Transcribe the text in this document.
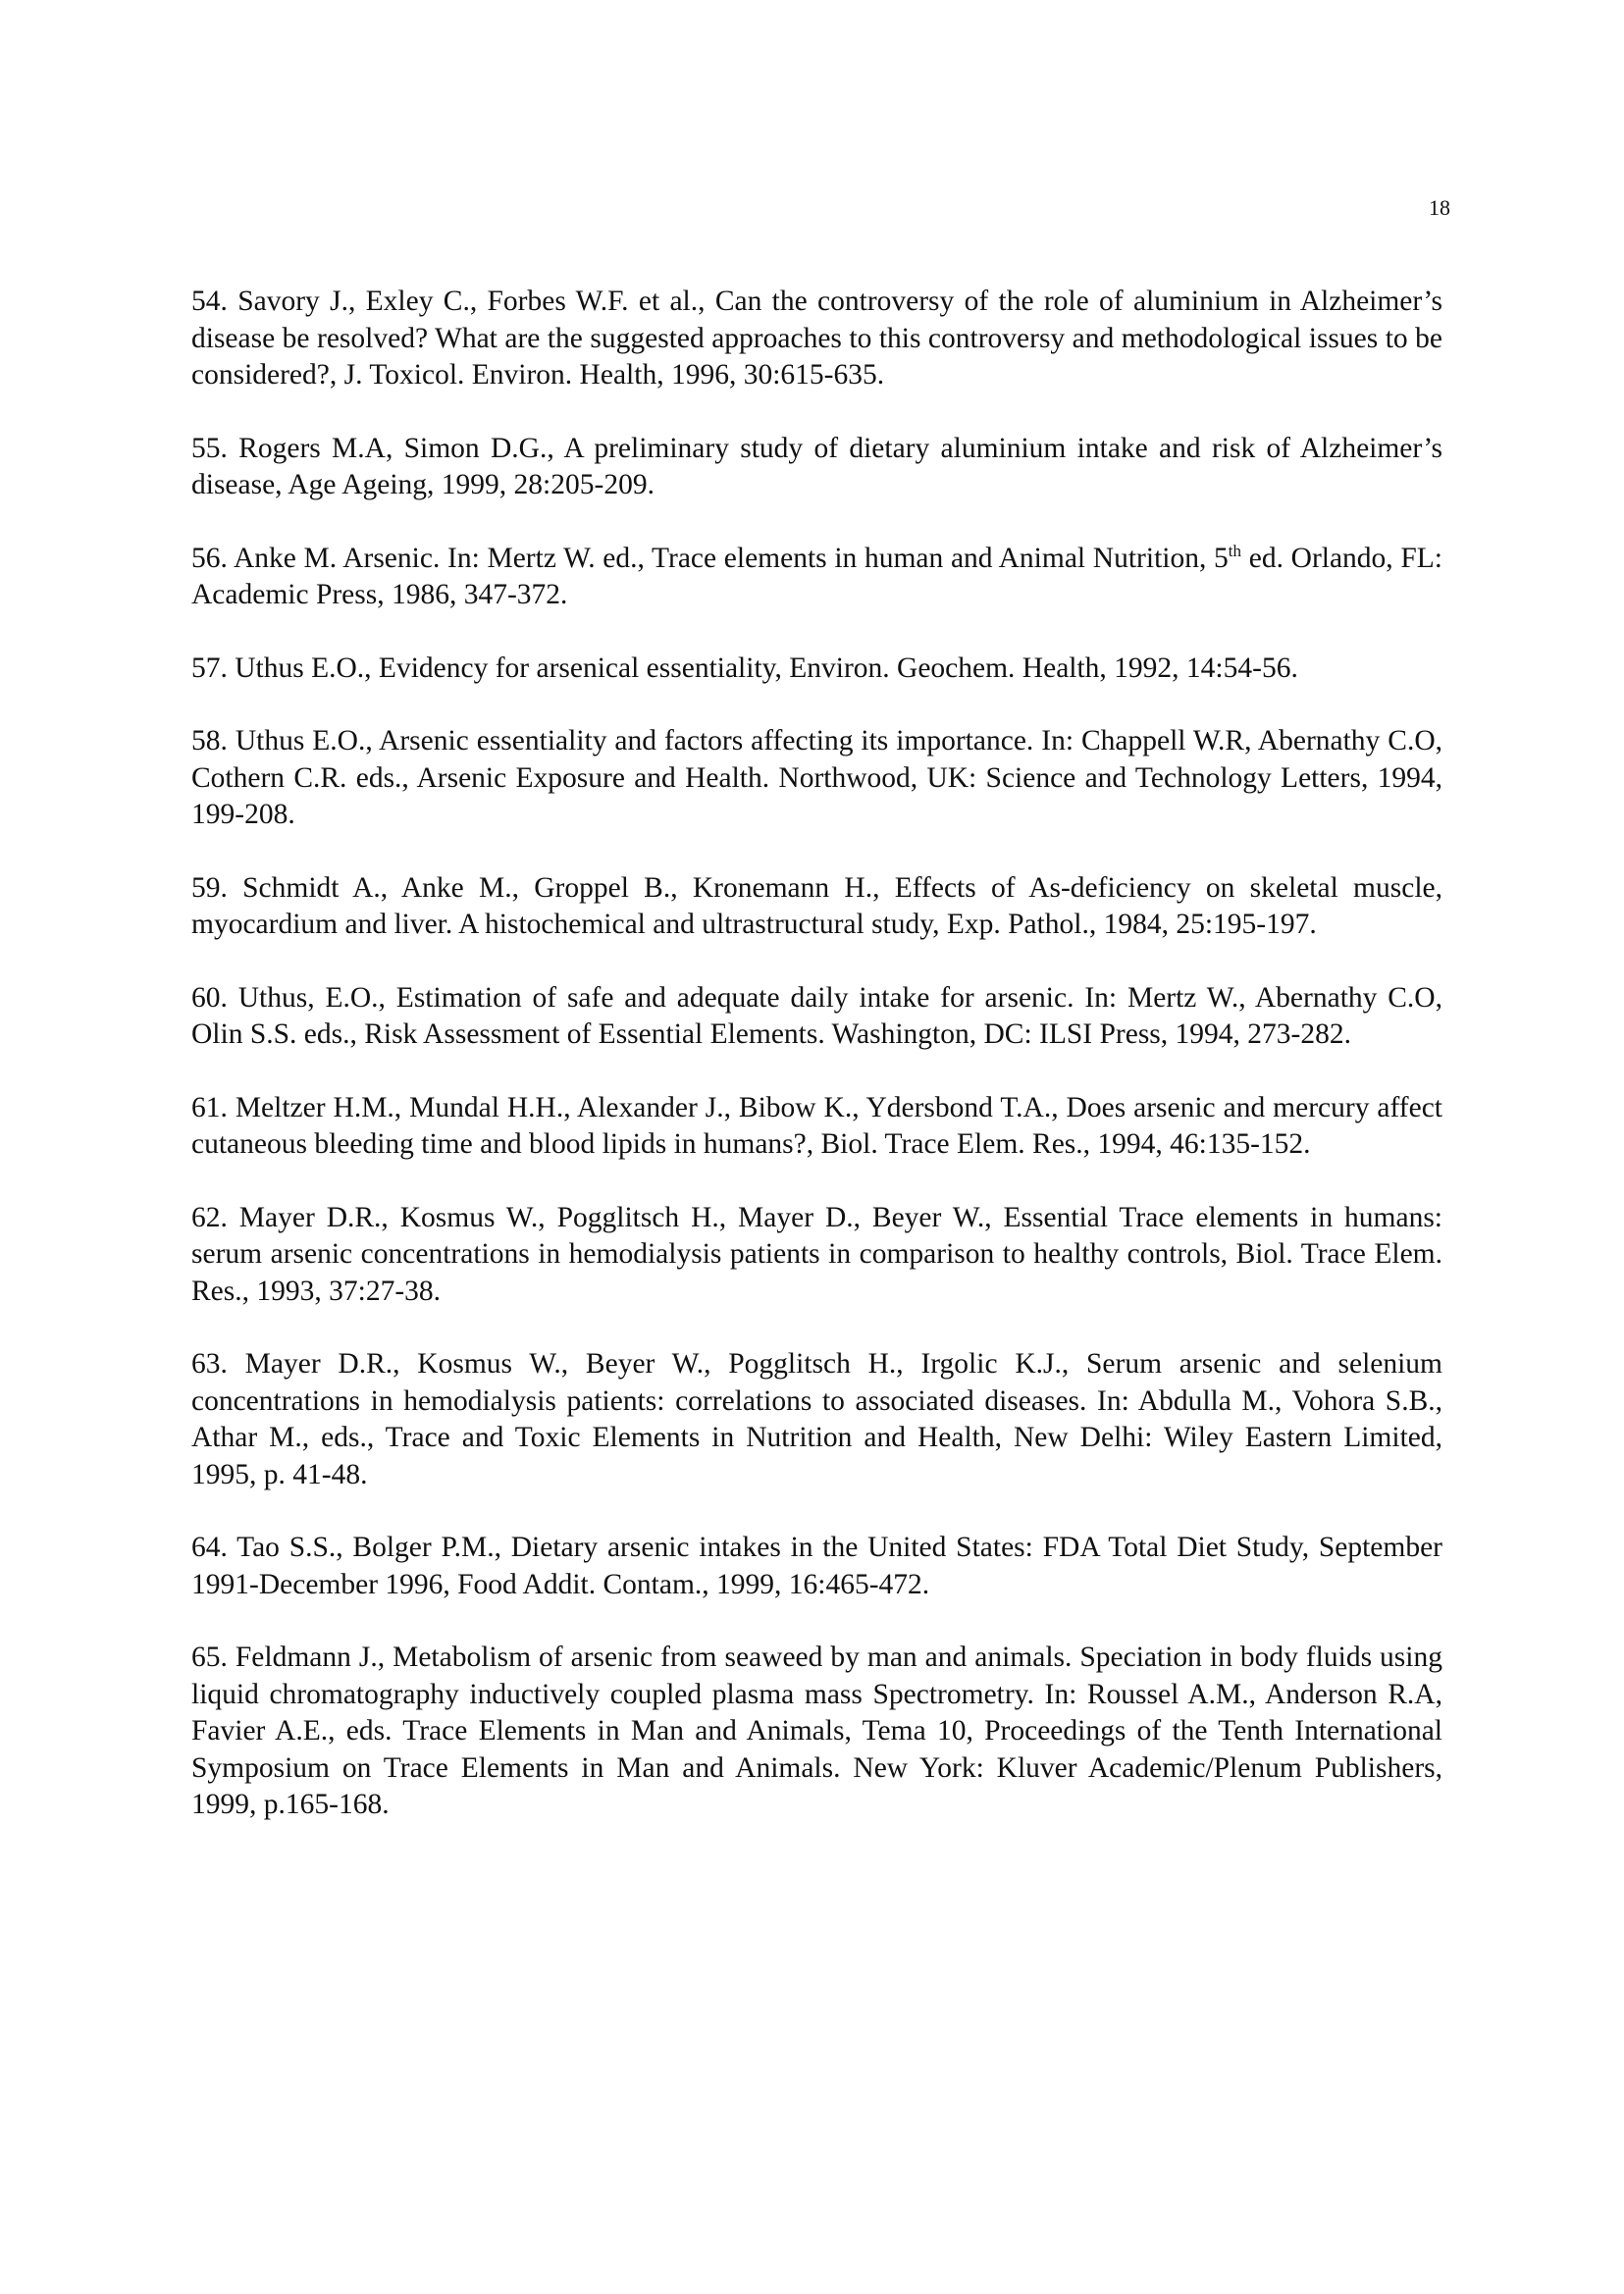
18

54. Savory J., Exley C., Forbes W.F. et al., Can the controversy of the role of aluminium in Alzheimer’s disease be resolved? What are the suggested approaches to this controversy and methodological issues to be considered?, J. Toxicol. Environ. Health, 1996, 30:615-635.

55. Rogers M.A, Simon D.G., A preliminary study of dietary aluminium intake and risk of Alzheimer’s disease, Age Ageing, 1999, 28:205-209.

56. Anke M. Arsenic. In: Mertz W. ed., Trace elements in human and Animal Nutrition, 5th ed. Orlando, FL: Academic Press, 1986, 347-372.

57. Uthus E.O., Evidency for arsenical essentiality, Environ. Geochem. Health, 1992, 14:54-56.

58. Uthus E.O., Arsenic essentiality and factors affecting its importance. In: Chappell W.R, Abernathy C.O, Cothern C.R. eds., Arsenic Exposure and Health. Northwood, UK: Science and Technology Letters, 1994, 199-208.

59. Schmidt A., Anke M., Groppel B., Kronemann H., Effects of As-deficiency on skeletal muscle, myocardium and liver. A histochemical and ultrastructural study, Exp. Pathol., 1984, 25:195-197.

60. Uthus, E.O., Estimation of safe and adequate daily intake for arsenic. In: Mertz W., Abernathy C.O, Olin S.S. eds., Risk Assessment of Essential Elements. Washington, DC: ILSI Press, 1994, 273-282.

61. Meltzer H.M., Mundal H.H., Alexander J., Bibow K., Ydersbond T.A., Does arsenic and mercury affect cutaneous bleeding time and blood lipids in humans?, Biol. Trace Elem. Res., 1994, 46:135-152.

62. Mayer D.R., Kosmus W., Pogglitsch H., Mayer D., Beyer W., Essential Trace elements in humans: serum arsenic concentrations in hemodialysis patients in comparison to healthy controls, Biol. Trace Elem. Res., 1993, 37:27-38.

63. Mayer D.R., Kosmus W., Beyer W., Pogglitsch H., Irgolic K.J., Serum arsenic and selenium concentrations in hemodialysis patients: correlations to associated diseases. In: Abdulla M., Vohora S.B., Athar M., eds., Trace and Toxic Elements in Nutrition and Health, New Delhi: Wiley Eastern Limited, 1995, p. 41-48.

64. Tao S.S., Bolger P.M., Dietary arsenic intakes in the United States: FDA Total Diet Study, September 1991-December 1996, Food Addit. Contam., 1999, 16:465-472.

65. Feldmann J., Metabolism of arsenic from seaweed by man and animals. Speciation in body fluids using liquid chromatography inductively coupled plasma mass Spectrometry. In: Roussel A.M., Anderson R.A, Favier A.E., eds. Trace Elements in Man and Animals, Tema 10, Proceedings of the Tenth International Symposium on Trace Elements in Man and Animals. New York: Kluver Academic/Plenum Publishers, 1999, p.165-168.
